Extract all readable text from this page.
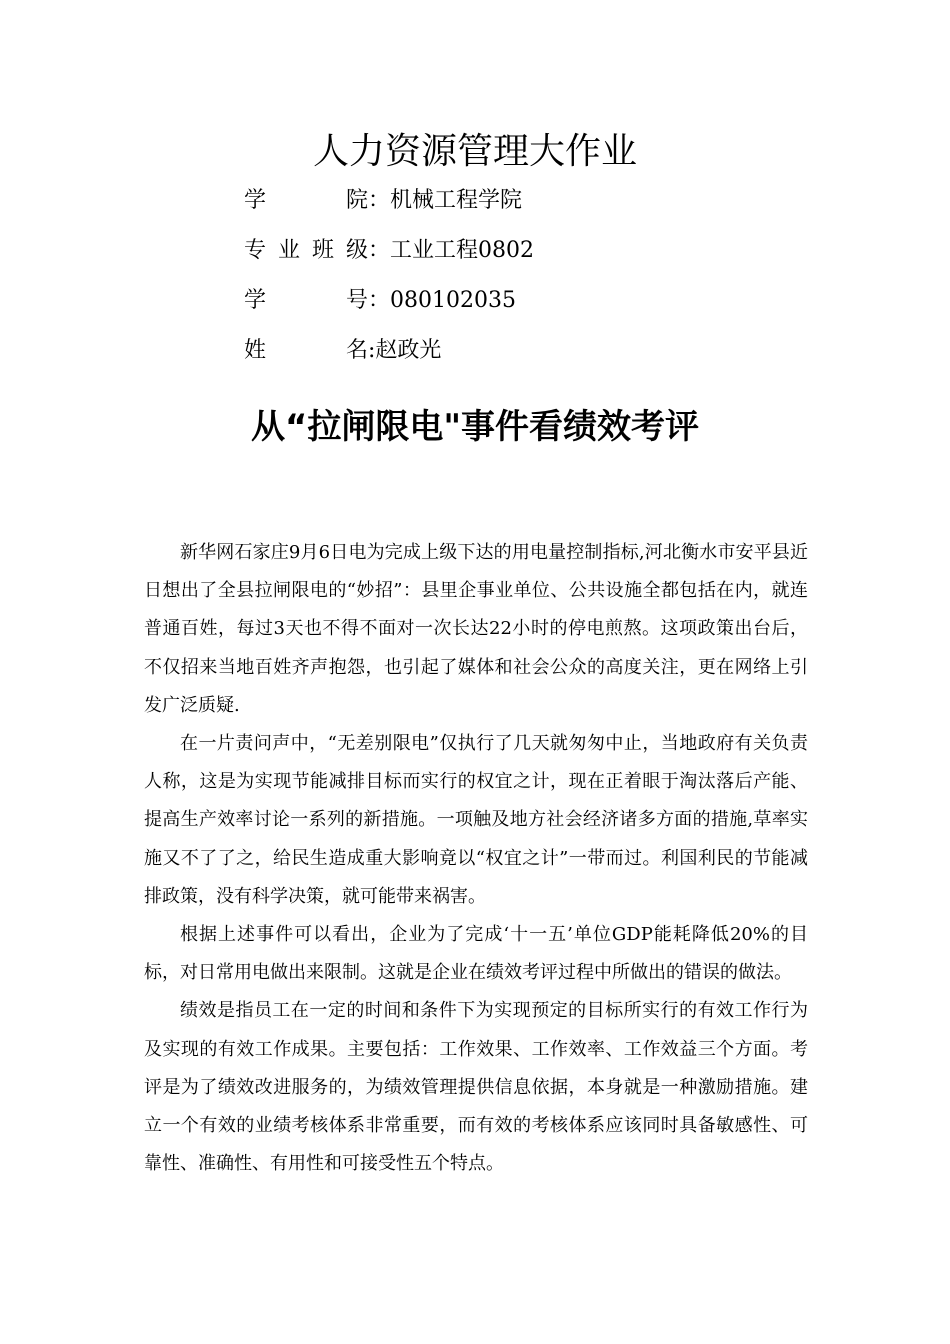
人力资源管理大作业
学	院 ： 机械工程学院
专 业 班 级 ： 工业工程0802
学	号 ： 080102035
姓	名 : 赵政光
从“拉闸限电"事件看绩效考评

新华网石家庄9月6日电为完成上级下达的用电量控制指标,河北衡水市安平县近日想出了全县拉闸限电的“妙招”：县里企事业单位、公共设施全都包括在内，就连普通百姓，每过3天也不得不面对一次长达22小时的停电煎熬。这项政策出台后，不仅招来当地百姓齐声抱怨，也引起了媒体和社会公众的高度关注，更在网络上引发广泛质疑.

在一片责问声中，“无差别限电”仅执行了几天就匆匆中止，当地政府有关负责人称，这是为实现节能减排目标而实行的权宜之计，现在正着眼于淘汰落后产能、提高生产效率讨论一系列的新措施。一项触及地方社会经济诸多方面的措施,草率实施又不了了之，给民生造成重大影响竟以“权宜之计”一带而过。利国利民的节能减排政策，没有科学决策，就可能带来祸害。

根据上述事件可以看出，企业为了完成‘十一五’单位GDP能耗降低20%的目标，对日常用电做出来限制。这就是企业在绩效考评过程中所做出的错误的做法。

绩效是指员工在一定的时间和条件下为实现预定的目标所实行的有效工作行为及实现的有效工作成果。主要包括：工作效果、工作效率、工作效益三个方面。考评是为了绩效改进服务的，为绩效管理提供信息依据，本身就是一种激励措施。建立一个有效的业绩考核体系非常重要，而有效的考核体系应该同时具备敏感性、可靠性、准确性、有用性和可接受性五个特点。
